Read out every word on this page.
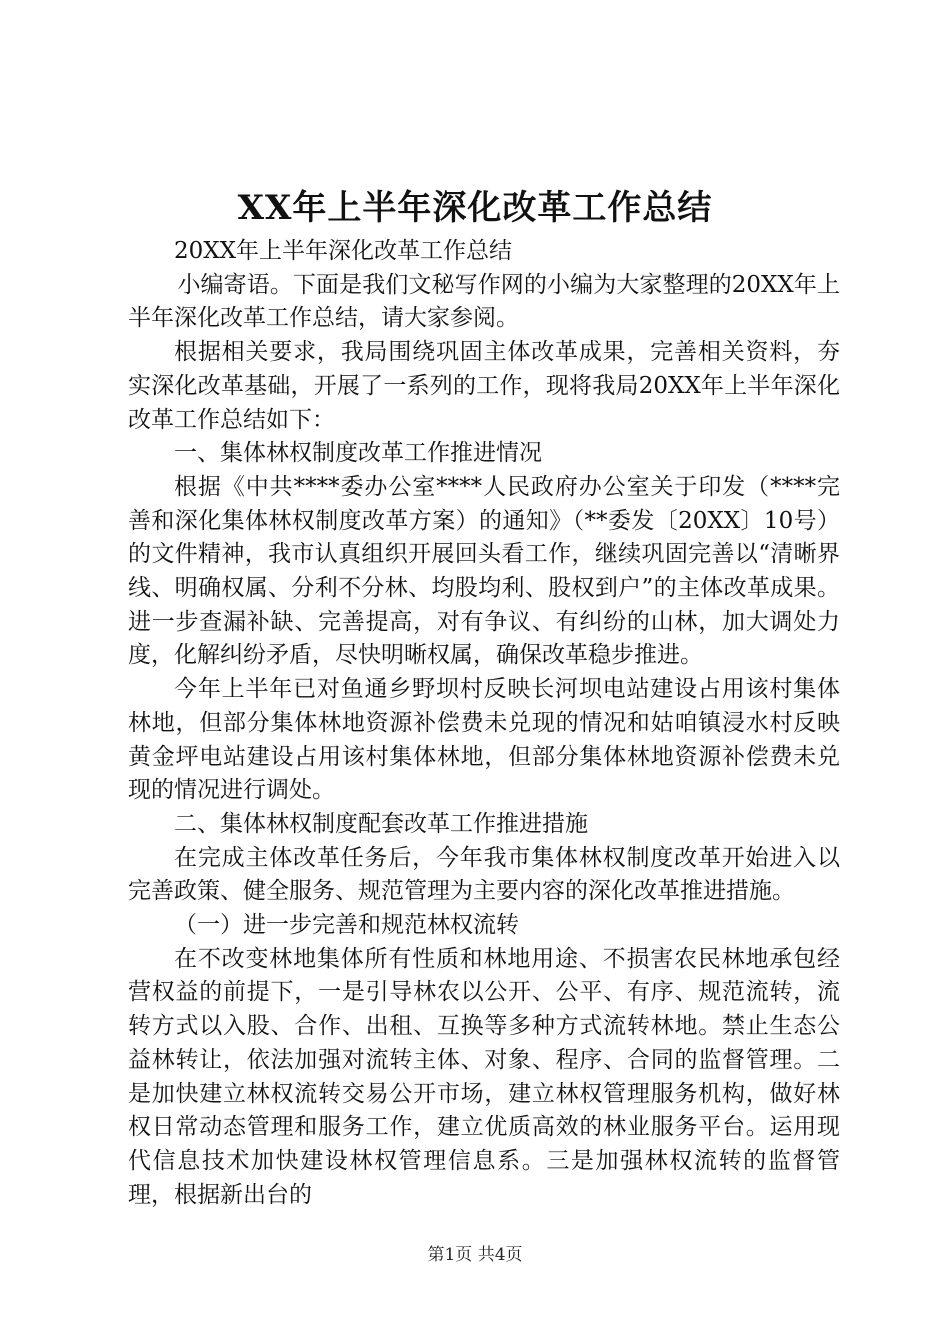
XX年上半年深化改革工作总结

20XX年上半年深化改革工作总结

小编寄语。下面是我们文秘写作网的小编为大家整理的20XX年上半年深化改革工作总结，请大家参阅。

根据相关要求，我局围绕巩固主体改革成果，完善相关资料，夯实深化改革基础，开展了一系列的工作，现将我局20XX年上半年深化改革工作总结如下：

一、集体林权制度改革工作推进情况

根据《中共****委办公室****人民政府办公室关于印发（****完善和深化集体林权制度改革方案）的通知》（**委发〔20XX〕10号）的文件精神，我市认真组织开展回头看工作，继续巩固完善以“清晰界线、明确权属、分利不分林、均股均利、股权到户”的主体改革成果。进一步查漏补缺、完善提高，对有争议、有纠纷的山林，加大调处力度，化解纠纷矛盾，尽快明晰权属，确保改革稳步推进。

今年上半年已对鱼通乡野坝村反映长河坝电站建设占用该村集体林地，但部分集体林地资源补偿费未兑现的情况和姑咱镇浸水村反映黄金坪电站建设占用该村集体林地，但部分集体林地资源补偿费未兑现的情况进行调处。

二、集体林权制度配套改革工作推进措施

在完成主体改革任务后，今年我市集体林权制度改革开始进入以完善政策、健全服务、规范管理为主要内容的深化改革推进措施。

（一）进一步完善和规范林权流转

在不改变林地集体所有性质和林地用途、不损害农民林地承包经营权益的前提下，一是引导林农以公开、公平、有序、规范流转，流转方式以入股、合作、出租、互换等多种方式流转林地。禁止生态公益林转让，依法加强对流转主体、对象、程序、合同的监督管理。二是加快建立林权流转交易公开市场，建立林权管理服务机构，做好林权日常动态管理和服务工作，建立优质高效的林业服务平台。运用现代信息技术加快建设林权管理信息系。三是加强林权流转的监督管理，根据新出台的

第1页 共4页
